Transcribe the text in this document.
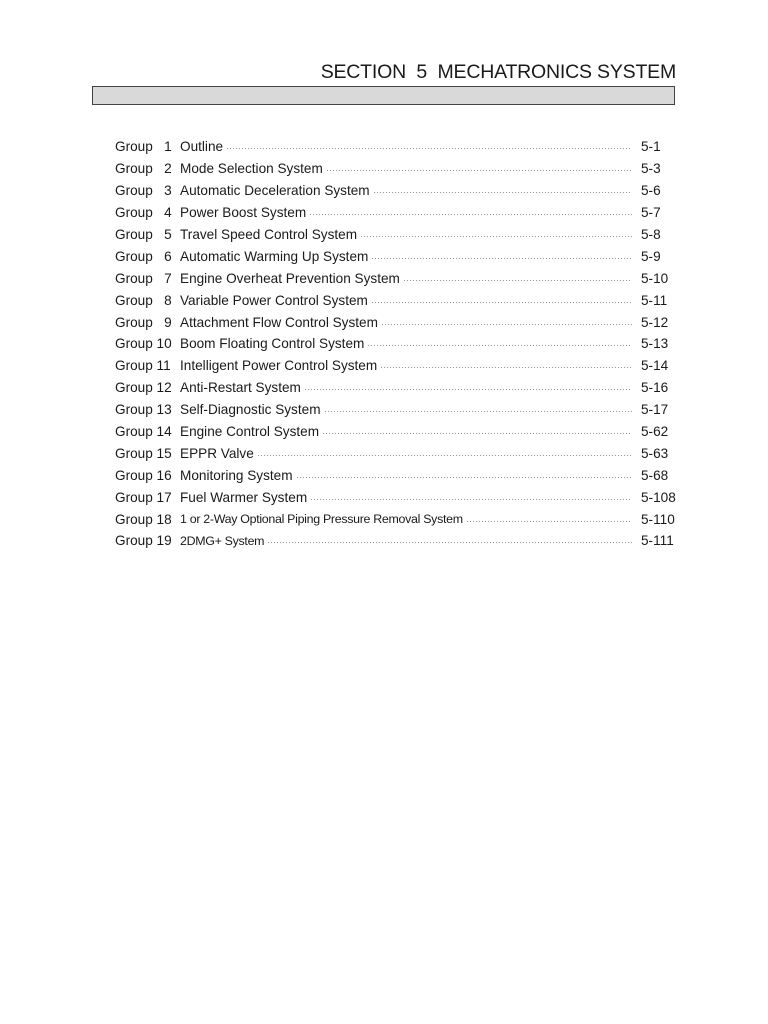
SECTION  5  MECHATRONICS SYSTEM
Group   1 Outline	5-1
Group   2 Mode Selection System	5-3
Group   3 Automatic Deceleration System	5-6
Group   4 Power Boost System	5-7
Group   5 Travel Speed Control System	5-8
Group   6 Automatic Warming Up System	5-9
Group   7 Engine Overheat Prevention System	5-10
Group   8 Variable Power Control System	5-11
Group   9 Attachment Flow Control System	5-12
Group 10 Boom Floating Control System	5-13
Group 11 Intelligent Power Control System	5-14
Group 12 Anti-Restart System	5-16
Group 13 Self-Diagnostic System	5-17
Group 14 Engine Control System	5-62
Group 15 EPPR Valve	5-63
Group 16 Monitoring System	5-68
Group 17 Fuel Warmer System	5-108
Group 18 1 or 2-Way Optional Piping Pressure Removal System	5-110
Group 19 2DMG+ System	5-111
